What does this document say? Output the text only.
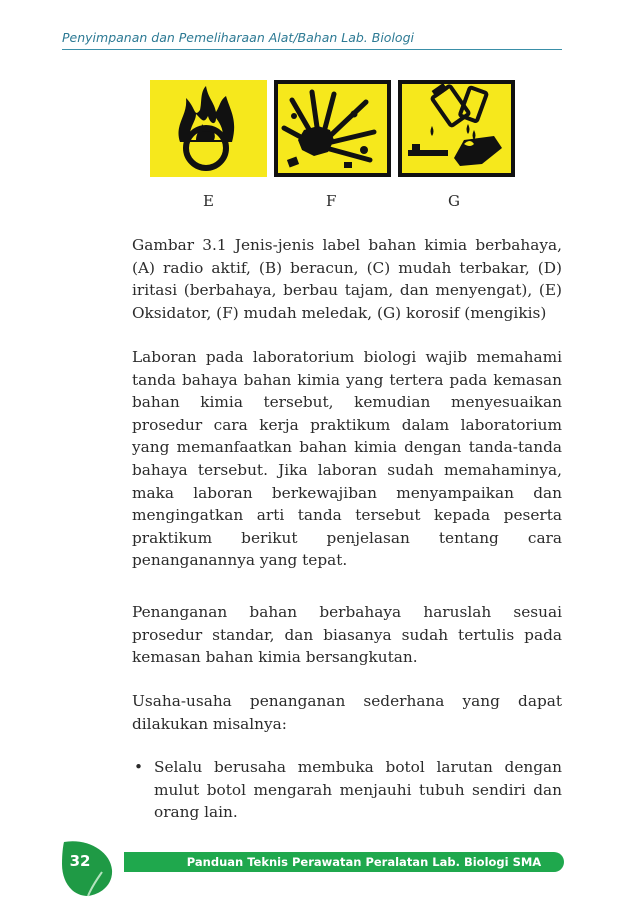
Penyimpanan dan Pemeliharaan Alat/Bahan Lab. Biologi
E	F	G
Gambar 3.1 Jenis-jenis label bahan kimia berbahaya, (A) radio aktif, (B) beracun, (C) mudah terbakar, (D) iritasi (berbahaya, berbau tajam, dan menyengat), (E) Oksidator, (F) mudah meledak, (G) korosif (mengikis)
Laboran pada laboratorium biologi wajib memahami tanda bahaya bahan kimia yang tertera pada kemasan bahan kimia tersebut, kemudian menyesuaikan prosedur cara kerja praktikum dalam laboratorium yang memanfaatkan bahan kimia dengan tanda-tanda bahaya tersebut. Jika laboran sudah memahaminya, maka laboran berkewajiban menyampaikan dan mengingatkan arti tanda tersebut kepada peserta praktikum berikut penjelasan tentang cara penanganannya yang tepat.
Penanganan bahan berbahaya haruslah sesuai prosedur standar, dan biasanya sudah tertulis pada kemasan bahan kimia bersangkutan.
Usaha-usaha penanganan sederhana yang dapat dilakukan misalnya:
• Selalu berusaha membuka botol larutan dengan mulut botol mengarah menjauhi tubuh sendiri dan orang lain.
32	Panduan Teknis Perawatan Peralatan Lab. Biologi SMA
